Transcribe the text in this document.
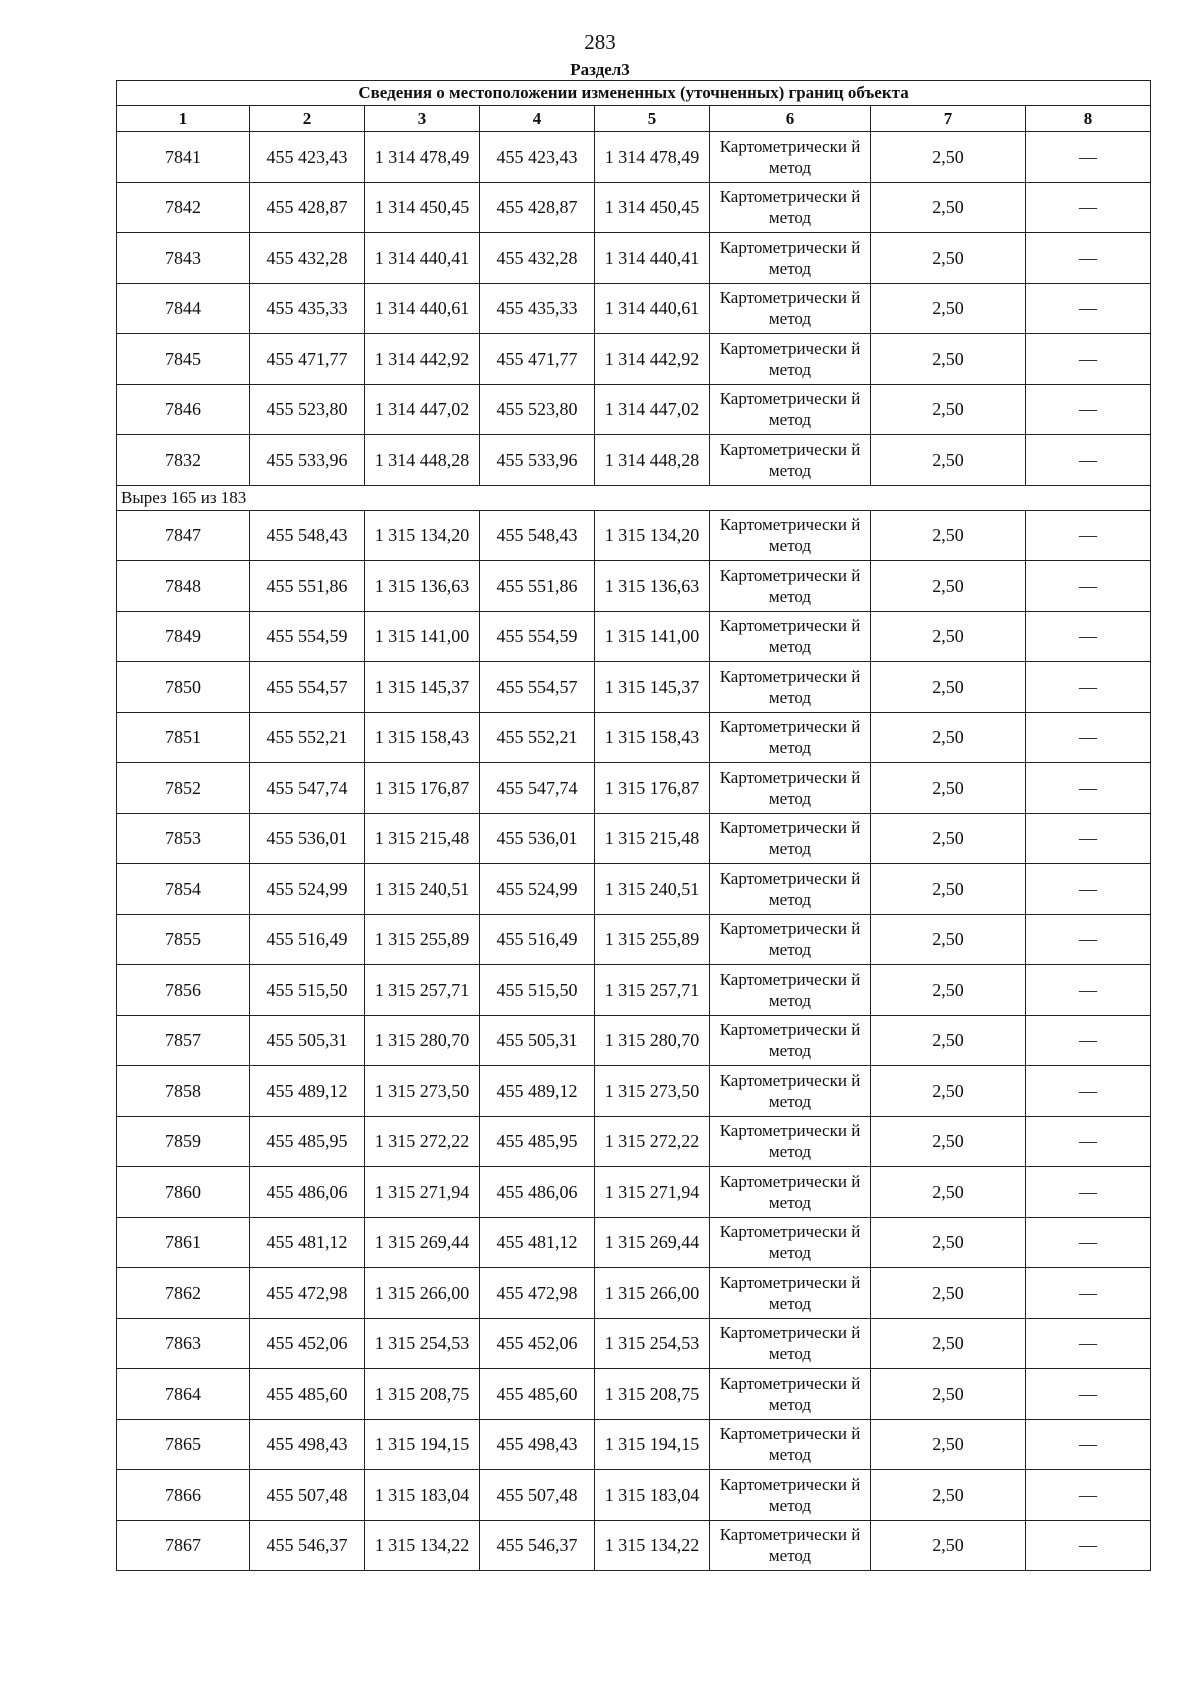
283
Раздел3
Сведения о местоположении измененных (уточненных) границ объекта							
1	2	3	4	5	6	7	8
7841	455 423,43	1 314 478,49	455 423,43	1 314 478,49	Картометрически й метод	2,50	—
7842	455 428,87	1 314 450,45	455 428,87	1 314 450,45	Картометрически й метод	2,50	—
7843	455 432,28	1 314 440,41	455 432,28	1 314 440,41	Картометрически й метод	2,50	—
7844	455 435,33	1 314 440,61	455 435,33	1 314 440,61	Картометрически й метод	2,50	—
7845	455 471,77	1 314 442,92	455 471,77	1 314 442,92	Картометрически й метод	2,50	—
7846	455 523,80	1 314 447,02	455 523,80	1 314 447,02	Картометрически й метод	2,50	—
7832	455 533,96	1 314 448,28	455 533,96	1 314 448,28	Картометрически й метод	2,50	—
Вырез 165 из 183							
7847	455 548,43	1 315 134,20	455 548,43	1 315 134,20	Картометрически й метод	2,50	—
7848	455 551,86	1 315 136,63	455 551,86	1 315 136,63	Картометрически й метод	2,50	—
7849	455 554,59	1 315 141,00	455 554,59	1 315 141,00	Картометрически й метод	2,50	—
7850	455 554,57	1 315 145,37	455 554,57	1 315 145,37	Картометрически й метод	2,50	—
7851	455 552,21	1 315 158,43	455 552,21	1 315 158,43	Картометрически й метод	2,50	—
7852	455 547,74	1 315 176,87	455 547,74	1 315 176,87	Картометрически й метод	2,50	—
7853	455 536,01	1 315 215,48	455 536,01	1 315 215,48	Картометрически й метод	2,50	—
7854	455 524,99	1 315 240,51	455 524,99	1 315 240,51	Картометрически й метод	2,50	—
7855	455 516,49	1 315 255,89	455 516,49	1 315 255,89	Картометрически й метод	2,50	—
7856	455 515,50	1 315 257,71	455 515,50	1 315 257,71	Картометрически й метод	2,50	—
7857	455 505,31	1 315 280,70	455 505,31	1 315 280,70	Картометрически й метод	2,50	—
7858	455 489,12	1 315 273,50	455 489,12	1 315 273,50	Картометрически й метод	2,50	—
7859	455 485,95	1 315 272,22	455 485,95	1 315 272,22	Картометрически й метод	2,50	—
7860	455 486,06	1 315 271,94	455 486,06	1 315 271,94	Картометрически й метод	2,50	—
7861	455 481,12	1 315 269,44	455 481,12	1 315 269,44	Картометрически й метод	2,50	—
7862	455 472,98	1 315 266,00	455 472,98	1 315 266,00	Картометрически й метод	2,50	—
7863	455 452,06	1 315 254,53	455 452,06	1 315 254,53	Картометрически й метод	2,50	—
7864	455 485,60	1 315 208,75	455 485,60	1 315 208,75	Картометрически й метод	2,50	—
7865	455 498,43	1 315 194,15	455 498,43	1 315 194,15	Картометрически й метод	2,50	—
7866	455 507,48	1 315 183,04	455 507,48	1 315 183,04	Картометрически й метод	2,50	—
7867	455 546,37	1 315 134,22	455 546,37	1 315 134,22	Картометрически й метод	2,50	—
